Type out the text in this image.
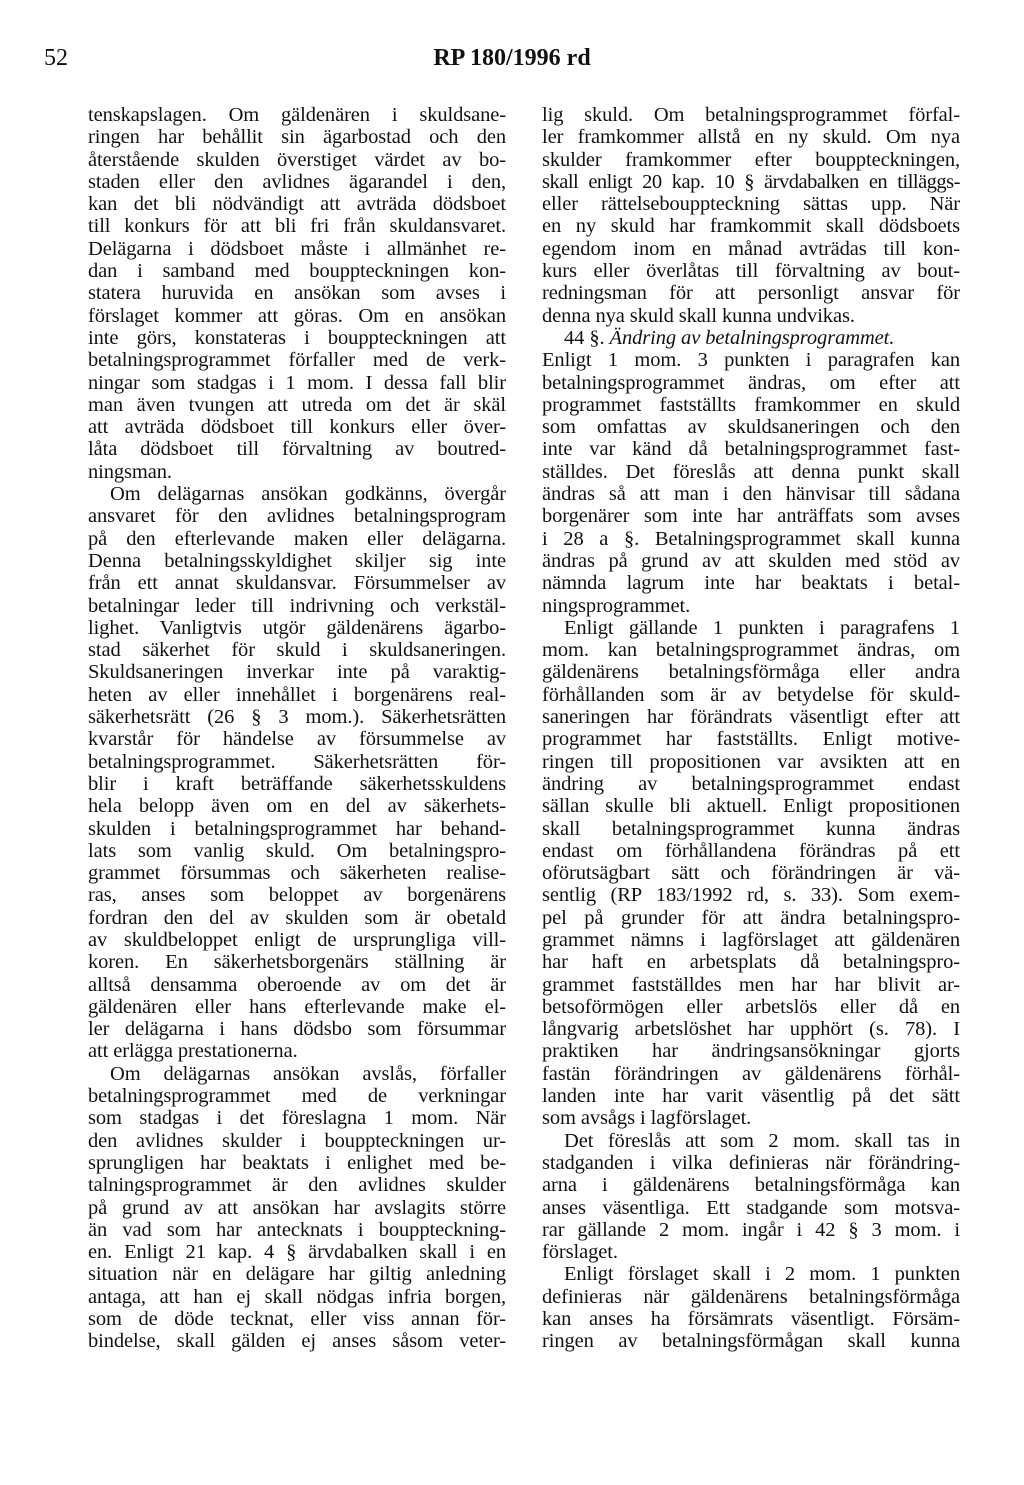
52	RP 180/1996 rd
tenskapslagen. Om gäldenären i skuldsane-
ringen har behållit sin ägarbostad och den
återstående skulden överstiget värdet av bo-
staden eller den avlidnes ägarandel i den,
kan det bli nödvändigt att avträda dödsboet
till konkurs för att bli fri från skuldansvaret.
Delägarna i dödsboet måste i allmänhet re-
dan i samband med bouppteckningen kon-
statera huruvida en ansökan som avses i
förslaget kommer att göras. Om en ansökan
inte görs, konstateras i bouppteckningen att
betalningsprogrammet förfaller med de verk-
ningar som stadgas i 1 mom. I dessa fall blir
man även tvungen att utreda om det är skäl
att avträda dödsboet till konkurs eller över-
låta dödsboet till förvaltning av boutred-
ningsman.
Om delägarnas ansökan godkänns, övergår
ansvaret för den avlidnes betalningsprogram
på den efterlevande maken eller delägarna.
Denna betalningsskyldighet skiljer sig inte
från ett annat skuldansvar. Försummelser av
betalningar leder till indrivning och verkstäl-
lighet. Vanligtvis utgör gäldenärens ägarbo-
stad säkerhet för skuld i skuldsaneringen.
Skuldsaneringen inverkar inte på varaktig-
heten av eller innehållet i borgenärens real-
säkerhetsrätt (26 § 3 mom.). Säkerhetsrätten
kvarstår för händelse av försummelse av
betalningsprogrammet. Säkerhetsrätten för-
blir i kraft beträffande säkerhetsskuldens
hela belopp även om en del av säkerhets-
skulden i betalningsprogrammet har behand-
lats som vanlig skuld. Om betalningspro-
grammet försummas och säkerheten realise-
ras, anses som beloppet av borgenärens
fordran den del av skulden som är obetald
av skuldbeloppet enligt de ursprungliga vill-
koren. En säkerhetsborgenärs ställning är
alltså densamma oberoende av om det är
gäldenären eller hans efterlevande make el-
ler delägarna i hans dödsbo som försummar
att erlägga prestationerna.
Om delägarnas ansökan avslås, förfaller
betalningsprogrammet med de verkningar
som stadgas i det föreslagna 1 mom. När
den avlidnes skulder i bouppteckningen ur-
sprungligen har beaktats i enlighet med be-
talningsprogrammet är den avlidnes skulder
på grund av att ansökan har avslagits större
än vad som har antecknats i bouppteckning-
en. Enligt 21 kap. 4 § ärvdabalken skall i en
situation när en delägare har giltig anledning
antaga, att han ej skall nödgas infria borgen,
som de döde tecknat, eller viss annan för-
bindelse, skall gälden ej anses såsom veter-
lig skuld. Om betalningsprogrammet förfal-
ler framkommer allstå en ny skuld. Om nya
skulder framkommer efter bouppteckningen,
skall enligt 20 kap. 10 § ärvdabalken en tilläggs-
eller rättelsebouppteckning sättas upp. När
en ny skuld har framkommit skall dödsboets
egendom inom en månad avträdas till kon-
kurs eller överlåtas till förvaltning av bout-
redningsman för att personligt ansvar för
denna nya skuld skall kunna undvikas.
44 §. Ändring av betalningsprogrammet.
Enligt 1 mom. 3 punkten i paragrafen kan
betalningsprogrammet ändras, om efter att
programmet fastställts framkommer en skuld
som omfattas av skuldsaneringen och den
inte var känd då betalningsprogrammet fast-
ställdes. Det föreslås att denna punkt skall
ändras så att man i den hänvisar till sådana
borgenärer som inte har anträffats som avses
i 28 a §. Betalningsprogrammet skall kunna
ändras på grund av att skulden med stöd av
nämnda lagrum inte har beaktats i betal-
ningsprogrammet.
Enligt gällande 1 punkten i paragrafens 1
mom. kan betalningsprogrammet ändras, om
gäldenärens betalningsförmåga eller andra
förhållanden som är av betydelse för skuld-
saneringen har förändrats väsentligt efter att
programmet har fastställts. Enligt motive-
ringen till propositionen var avsikten att en
ändring av betalningsprogrammet endast
sällan skulle bli aktuell. Enligt propositionen
skall betalningsprogrammet kunna ändras
endast om förhållandena förändras på ett
oförutsägbart sätt och förändringen är vä-
sentlig (RP 183/1992 rd, s. 33). Som exem-
pel på grunder för att ändra betalningspro-
grammet nämns i lagförslaget att gäldenären
har haft en arbetsplats då betalningspro-
grammet fastställdes men har har blivit ar-
betsoförmögen eller arbetslös eller då en
långvarig arbetslöshet har upphört (s. 78). I
praktiken har ändringsansökningar gjorts
fastän förändringen av gäldenärens förhål-
landen inte har varit väsentlig på det sätt
som avsågs i lagförslaget.
Det föreslås att som 2 mom. skall tas in
stadganden i vilka definieras när förändring-
arna i gäldenärens betalningsförmåga kan
anses väsentliga. Ett stadgande som motsva-
rar gällande 2 mom. ingår i 42 § 3 mom. i
förslaget.
Enligt förslaget skall i 2 mom. 1 punkten
definieras när gäldenärens betalningsförmåga
kan anses ha försämrats väsentligt. Försäm-
ringen av betalningsförmågan skall kunna
